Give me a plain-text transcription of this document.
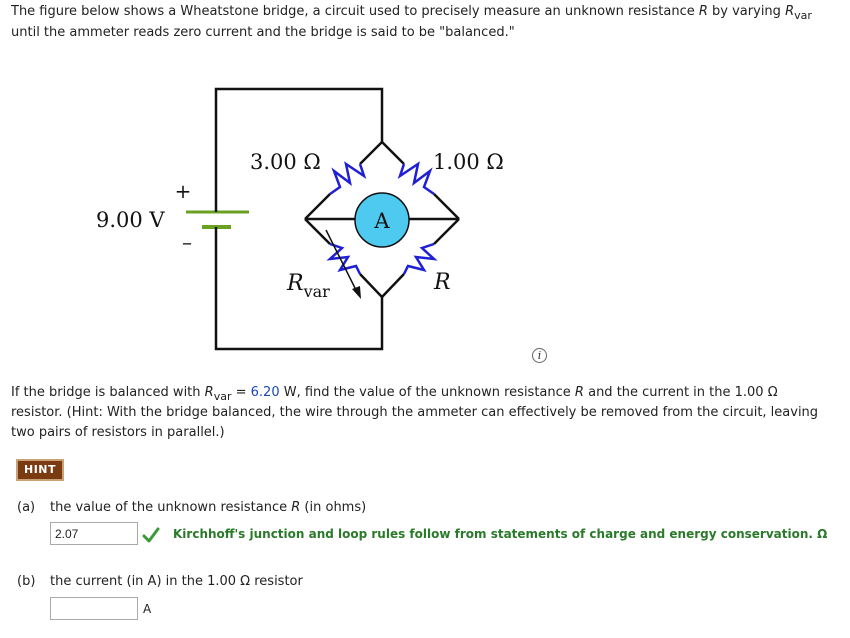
The figure below shows a Wheatstone bridge, a circuit used to precisely measure an unknown resistance R by varying $R_{var}$
until the ammeter reads zero current and the bridge is said to be "balanced."
+
–
9.00 V	A
3.00 Ω	1.00 Ω
$R_{var}$	R
i
If the bridge is balanced with $R_{var} = 6.20$ W, find the value of the unknown resistance R and the current in the 1.00 Ω
resistor. (Hint: With the bridge balanced, the wire through the ammeter can effectively be removed from the circuit, leaving
two pairs of resistors in parallel.)
HINT
(a) the value of the unknown resistance R (in ohms)
2.07
Kirchhoff's junction and loop rules follow from statements of charge and energy conservation. Ω
(b) the current (in A) in the 1.00 Ω resistor
A
